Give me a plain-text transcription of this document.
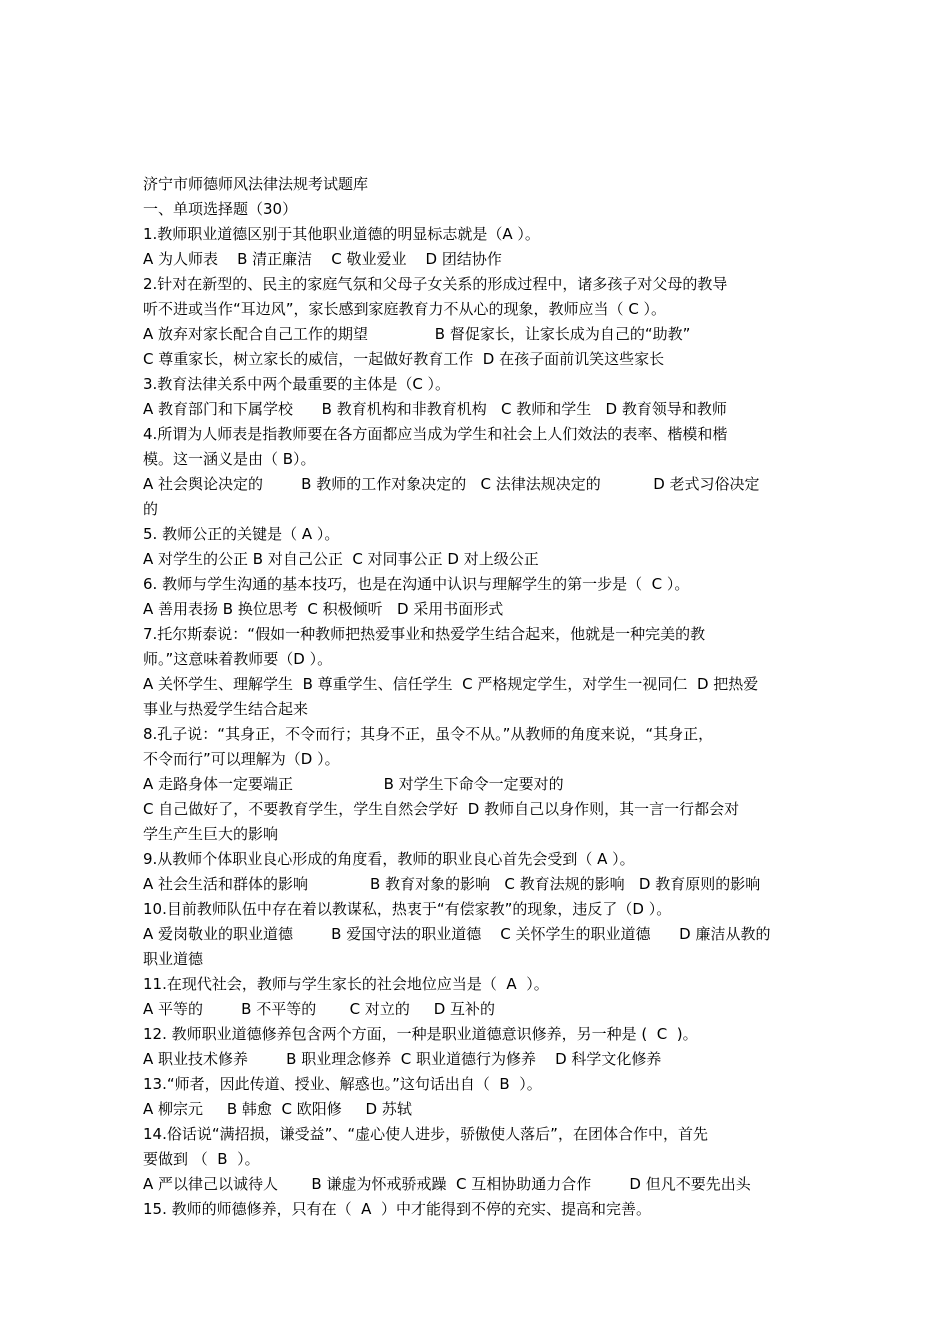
济宁市师德师风法律法规考试题库
一、单项选择题（30）
1.教师职业道德区别于其他职业道德的明显标志就是（A ）。
A 为人师表    B 清正廉洁    C 敬业爱业    D 团结协作
2.针对在新型的、民主的家庭气氛和父母子女关系的形成过程中，诸多孩子对父母的教导
听不进或当作“耳边风”，家长感到家庭教育力不从心的现象，教师应当（ C ）。
A 放弃对家长配合自己工作的期望              B 督促家长，让家长成为自己的“助教”
C 尊重家长，树立家长的威信，一起做好教育工作  D 在孩子面前讥笑这些家长
3.教育法律关系中两个最重要的主体是（C ）。
A 教育部门和下属学校      B 教育机构和非教育机构   C 教师和学生   D 教育领导和教师
4.所谓为人师表是指教师要在各方面都应当成为学生和社会上人们效法的表率、楷模和楷
模。这一涵义是由（ B）。
A 社会舆论决定的        B 教师的工作对象决定的   C 法律法规决定的           D 老式习俗决定
的
5. 教师公正的关键是（ A ）。
A 对学生的公正 B 对自己公正  C 对同事公正 D 对上级公正
6. 教师与学生沟通的基本技巧，也是在沟通中认识与理解学生的第一步是（  C ）。
A 善用表扬 B 换位思考  C 积极倾听   D 采用书面形式
7.托尔斯泰说：“假如一种教师把热爱事业和热爱学生结合起来，他就是一种完美的教
师。”这意味着教师要（D ）。
A 关怀学生、理解学生  B 尊重学生、信任学生  C 严格规定学生，对学生一视同仁  D 把热爱
事业与热爱学生结合起来
8.孔子说：“其身正，不令而行；其身不正，虽令不从。”从教师的角度来说，“其身正，
不令而行”可以理解为（D ）。
A 走路身体一定要端正                   B 对学生下命令一定要对的
C 自己做好了，不要教育学生，学生自然会学好  D 教师自己以身作则，其一言一行都会对
学生产生巨大的影响
9.从教师个体职业良心形成的角度看，教师的职业良心首先会受到（ A ）。
A 社会生活和群体的影响             B 教育对象的影响   C 教育法规的影响   D 教育原则的影响
10.目前教师队伍中存在着以教谋私，热衷于“有偿家教”的现象，违反了（D ）。
A 爱岗敬业的职业道德        B 爱国守法的职业道德    C 关怀学生的职业道德      D 廉洁从教的
职业道德
11.在现代社会，教师与学生家长的社会地位应当是（  A  ）。
A 平等的        B 不平等的       C 对立的     D 互补的
12. 教师职业道德修养包含两个方面，一种是职业道德意识修养，另一种是 (  C  )。
A 职业技术修养        B 职业理念修养  C 职业道德行为修养    D 科学文化修养
13.“师者，因此传道、授业、解惑也。”这句话出自（  B  ）。
A 柳宗元     B 韩愈  C 欧阳修     D 苏轼
14.俗话说“满招损，谦受益”、“虚心使人进步，骄傲使人落后”，在团体合作中，首先
要做到 （  B  ）。
A 严以律己以诚待人       B 谦虚为怀戒骄戒躁  C 互相协助通力合作        D 但凡不要先出头
15. 教师的师德修养，只有在（  A  ）中才能得到不停的充实、提高和完善。
